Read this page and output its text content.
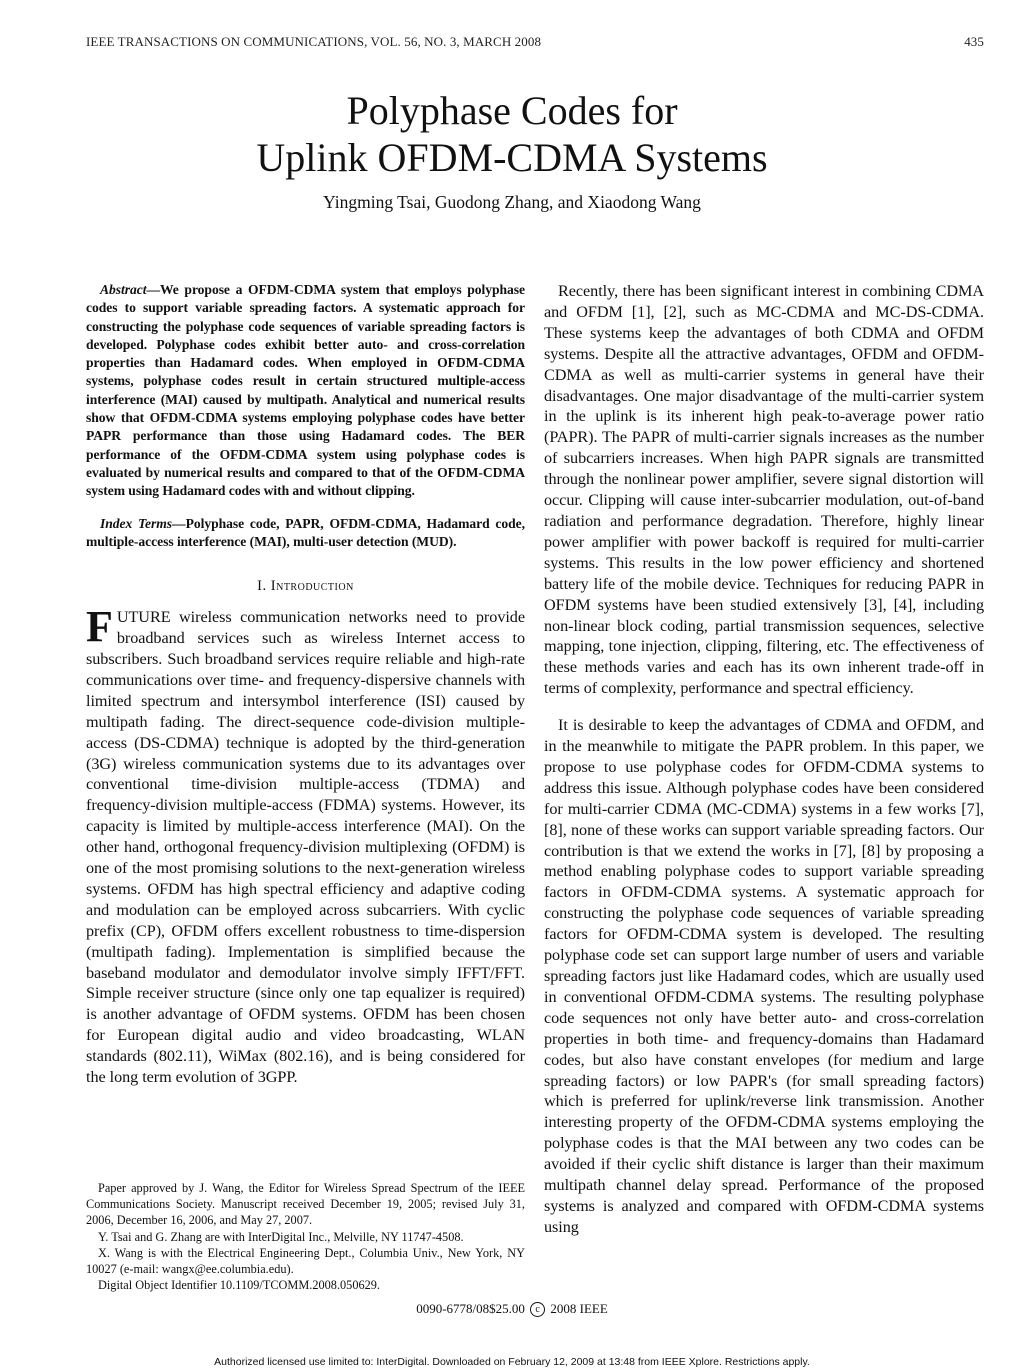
IEEE TRANSACTIONS ON COMMUNICATIONS, VOL. 56, NO. 3, MARCH 2008	435
Polyphase Codes for
Uplink OFDM-CDMA Systems
Yingming Tsai, Guodong Zhang, and Xiaodong Wang

Abstract—We propose a OFDM-CDMA system that employs polyphase codes to support variable spreading factors. A systematic approach for constructing the polyphase code sequences of variable spreading factors is developed. Polyphase codes exhibit better auto- and cross-correlation properties than Hadamard codes. When employed in OFDM-CDMA systems, polyphase codes result in certain structured multiple-access interference (MAI) caused by multipath. Analytical and numerical results show that OFDM-CDMA systems employing polyphase codes have better PAPR performance than those using Hadamard codes. The BER performance of the OFDM-CDMA system using polyphase codes is evaluated by numerical results and compared to that of the OFDM-CDMA system using Hadamard codes with and without clipping.

Index Terms—Polyphase code, PAPR, OFDM-CDMA, Hadamard code, multiple-access interference (MAI), multi-user detection (MUD).

I. Introduction

FUTURE wireless communication networks need to provide broadband services such as wireless Internet access to subscribers. Such broadband services require reliable and high-rate communications over time- and frequency-dispersive channels with limited spectrum and intersymbol interference (ISI) caused by multipath fading. The direct-sequence code-division multiple-access (DS-CDMA) technique is adopted by the third-generation (3G) wireless communication systems due to its advantages over conventional time-division multiple-access (TDMA) and frequency-division multiple-access (FDMA) systems. However, its capacity is limited by multiple-access interference (MAI). On the other hand, orthogonal frequency-division multiplexing (OFDM) is one of the most promising solutions to the next-generation wireless systems. OFDM has high spectral efficiency and adaptive coding and modulation can be employed across subcarriers. With cyclic prefix (CP), OFDM offers excellent robustness to time-dispersion (multipath fading). Implementation is simplified because the baseband modulator and demodulator involve simply IFFT/FFT. Simple receiver structure (since only one tap equalizer is required) is another advantage of OFDM systems. OFDM has been chosen for European digital audio and video broadcasting, WLAN standards (802.11), WiMax (802.16), and is being considered for the long term evolution of 3GPP.

Paper approved by J. Wang, the Editor for Wireless Spread Spectrum of the IEEE Communications Society. Manuscript received December 19, 2005; revised July 31, 2006, December 16, 2006, and May 27, 2007.

Y. Tsai and G. Zhang are with InterDigital Inc., Melville, NY 11747-4508.

X. Wang is with the Electrical Engineering Dept., Columbia Univ., New York, NY 10027 (e-mail: wangx@ee.columbia.edu).

Digital Object Identifier 10.1109/TCOMM.2008.050629.

Recently, there has been significant interest in combining CDMA and OFDM [1], [2], such as MC-CDMA and MC-DS-CDMA. These systems keep the advantages of both CDMA and OFDM systems. Despite all the attractive advantages, OFDM and OFDM-CDMA as well as multi-carrier systems in general have their disadvantages. One major disadvantage of the multi-carrier system in the uplink is its inherent high peak-to-average power ratio (PAPR). The PAPR of multi-carrier signals increases as the number of subcarriers increases. When high PAPR signals are transmitted through the nonlinear power amplifier, severe signal distortion will occur. Clipping will cause inter-subcarrier modulation, out-of-band radiation and performance degradation. Therefore, highly linear power amplifier with power backoff is required for multi-carrier systems. This results in the low power efficiency and shortened battery life of the mobile device. Techniques for reducing PAPR in OFDM systems have been studied extensively [3], [4], including non-linear block coding, partial transmission sequences, selective mapping, tone injection, clipping, filtering, etc. The effectiveness of these methods varies and each has its own inherent trade-off in terms of complexity, performance and spectral efficiency.

It is desirable to keep the advantages of CDMA and OFDM, and in the meanwhile to mitigate the PAPR problem. In this paper, we propose to use polyphase codes for OFDM-CDMA systems to address this issue. Although polyphase codes have been considered for multi-carrier CDMA (MC-CDMA) systems in a few works [7], [8], none of these works can support variable spreading factors. Our contribution is that we extend the works in [7], [8] by proposing a method enabling polyphase codes to support variable spreading factors in OFDM-CDMA systems. A systematic approach for constructing the polyphase code sequences of variable spreading factors for OFDM-CDMA system is developed. The resulting polyphase code set can support large number of users and variable spreading factors just like Hadamard codes, which are usually used in conventional OFDM-CDMA systems. The resulting polyphase code sequences not only have better auto- and cross-correlation properties in both time- and frequency-domains than Hadamard codes, but also have constant envelopes (for medium and large spreading factors) or low PAPR's (for small spreading factors) which is preferred for uplink/reverse link transmission. Another interesting property of the OFDM-CDMA systems employing the polyphase codes is that the MAI between any two codes can be avoided if their cyclic shift distance is larger than their maximum multipath channel delay spread. Performance of the proposed systems is analyzed and compared with OFDM-CDMA systems using

0090-6778/08$25.00 c 2008 IEEE
Authorized licensed use limited to: InterDigital. Downloaded on February 12, 2009 at 13:48 from IEEE Xplore. Restrictions apply.
